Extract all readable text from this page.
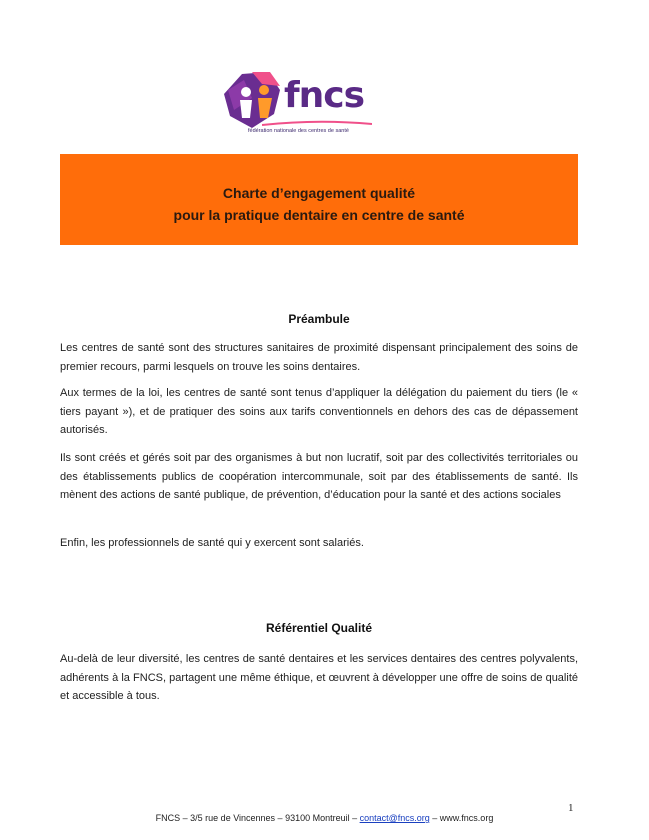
fncs
fédération nationale des centres de santé
Charte d’engagement qualité
pour la pratique dentaire en centre de santé
Préambule
Les centres de santé sont des structures sanitaires de proximité dispensant principalement des soins de premier recours, parmi lesquels on trouve les soins dentaires.
Aux termes de la loi, les centres de santé sont tenus d’appliquer la délégation du paiement du tiers (le « tiers payant »), et de pratiquer des soins aux tarifs conventionnels en dehors des cas de dépassement autorisés.
Ils sont créés et gérés soit par des organismes à but non lucratif, soit par des collectivités territoriales ou des établissements publics de coopération intercommunale, soit par des établissements de santé. Ils mènent des actions de santé publique, de prévention, d’éducation pour la santé et des actions sociales
Enfin, les professionnels de santé qui y exercent sont salariés.
Référentiel Qualité
Au-delà de leur diversité, les centres de santé dentaires et les services dentaires des centres polyvalents, adhérents à la FNCS, partagent une même éthique, et œuvrent à développer une offre de soins de qualité et accessible à tous.
1
FNCS – 3/5 rue de Vincennes – 93100 Montreuil – contact@fncs.org – www.fncs.org
